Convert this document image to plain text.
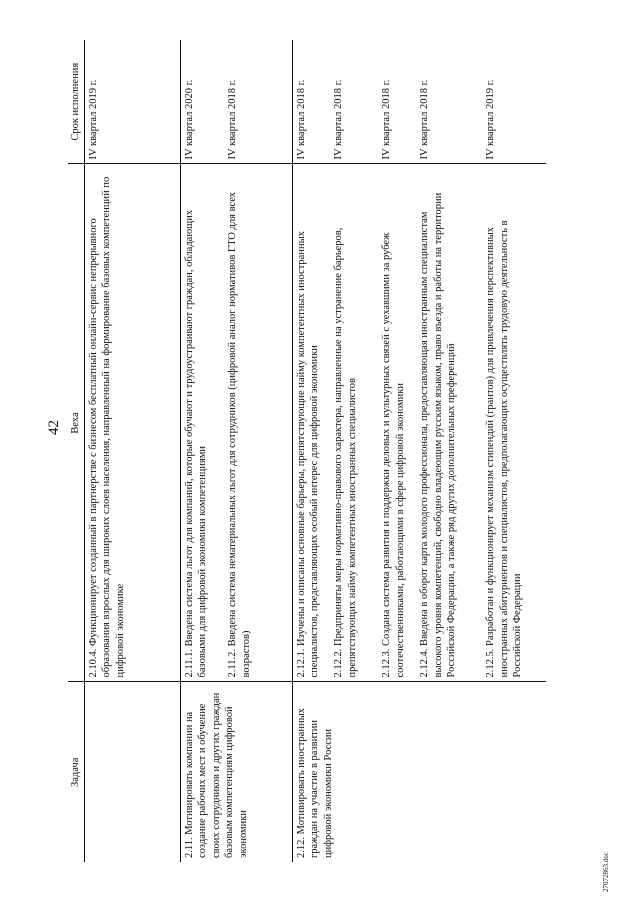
42
Задача	Веха	Срок исполнения
	2.10.4. Функционирует созданный в партнерстве с бизнесом бесплатный онлайн-сервис непрерывного образования взрослых для широких слоев населения, направленный на формирование базовых компетенций по цифровой экономике	IV квартал 2019 г.
2.11. Мотивировать компании на создание рабочих мест и обучение своих сотрудников и других граждан базовым компетенциям цифровой экономики	2.11.1. Введена система льгот для компаний, которые обучают и трудоустраивают граждан, обладающих базовыми для цифровой экономики компетенциями	IV квартал 2020 г.
	2.11.2. Введена система нематериальных льгот для сотрудников (цифровой аналог нормативов ГТО для всех возрастов)	IV квартал 2018 г.
2.12. Мотивировать иностранных граждан на участие в развитии цифровой экономики России	2.12.1. Изучены и описаны основные барьеры, препятствующие найму компетентных иностранных специалистов, представляющих особый интерес для цифровой экономики	IV квартал 2018 г.
	2.12.2. Предприняты меры нормативно-правового характера, направленные на устранение барьеров, препятствующих найму компетентных иностранных специалистов	IV квартал 2018 г.
	2.12.3. Создана система развития и поддержки деловых и культурных связей с уехавшими за рубеж соотечественниками, работающими в сфере цифровой экономики	IV квартал 2018 г.
	2.12.4. Введена в оборот карта молодого профессионала, предоставляющая иностранным специалистам высокого уровня компетенций, свободно владеющим русским языком, право въезда и работы на территории Российской Федерации, а также ряд других дополнительных преференций	IV квартал 2018 г.
	2.12.5. Разработан и функционирует механизм стипендий (грантов) для привлечения перспективных иностранных абитуриентов и специалистов, предполагающих осуществлять трудовую деятельность в Российской Федерации	IV квартал 2019 г.
27072863.doc
